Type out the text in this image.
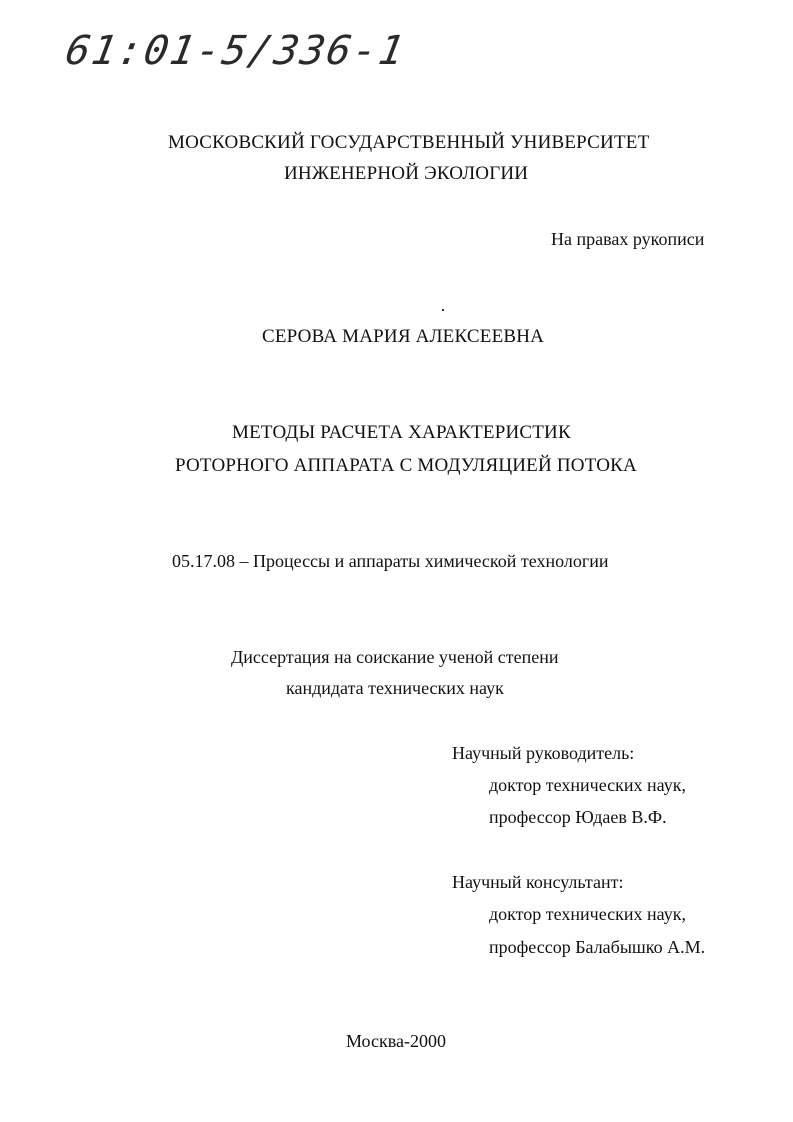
61:01-5/336-1
МОСКОВСКИЙ ГОСУДАРСТВЕННЫЙ УНИВЕРСИТЕТ
ИНЖЕНЕРНОЙ ЭКОЛОГИИ
На правах рукописи
СЕРОВА МАРИЯ АЛЕКСЕЕВНА
МЕТОДЫ РАСЧЕТА ХАРАКТЕРИСТИК
РОТОРНОГО АППАРАТА С МОДУЛЯЦИЕЙ ПОТОКА
05.17.08 – Процессы и аппараты химической технологии
Диссертация на соискание ученой степени
кандидата технических наук
Научный руководитель:
доктор технических наук,
профессор Юдаев В.Ф.
Научный консультант:
доктор технических наук,
профессор Балабышко А.М.
Москва-2000
